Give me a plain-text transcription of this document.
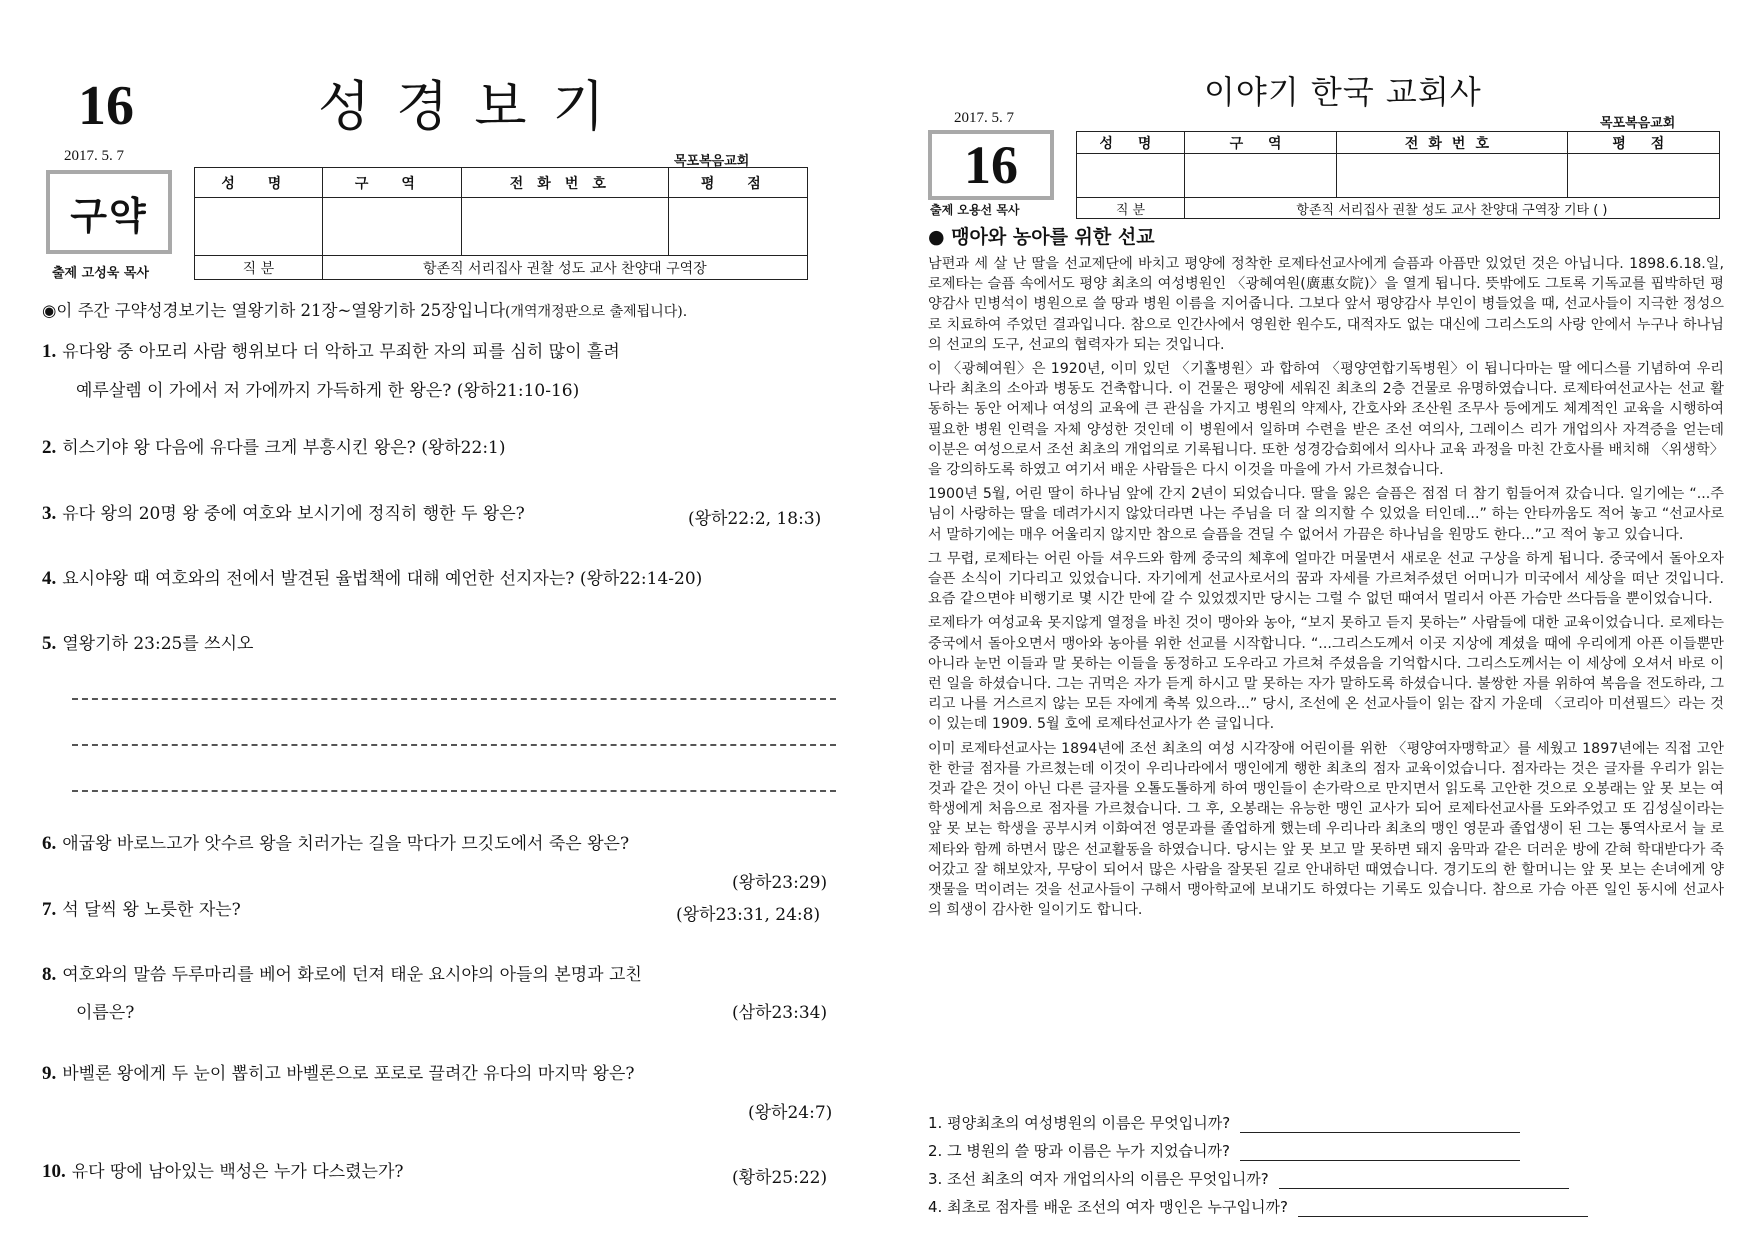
16	성경보기
2017. 5. 7	목포복음교회
구약
출제 고성욱 목사
성 명	구 역	전화번호	평 점

직 분	항존직 서리집사 권찰 성도 교사 찬양대 구역장		
◉이 주간 구약성경보기는 열왕기하 21장~열왕기하 25장입니다(개역개정판으로 출제됩니다).
1. 유다왕 중 아모리 사람 행위보다 더 악하고 무죄한 자의 피를 심히 많이 흘려
예루살렘 이 가에서 저 가에까지 가득하게 한 왕은? (왕하21:10-16)
2. 히스기야 왕 다음에 유다를 크게 부흥시킨 왕은? (왕하22:1)
3. 유다 왕의 20명 왕 중에 여호와 보시기에 정직히 행한 두 왕은?	(왕하22:2, 18:3)
4. 요시야왕 때 여호와의 전에서 발견된 율법책에 대해 예언한 선지자는? (왕하22:14-20)
5. 열왕기하 23:25를 쓰시오
6. 애굽왕 바로느고가 앗수르 왕을 치러가는 길을 막다가 므깃도에서 죽은 왕은?
(왕하23:29)
7. 석 달씩 왕 노릇한 자는?	(왕하23:31, 24:8)
8. 여호와의 말씀 두루마리를 베어 화로에 던져 태운 요시야의 아들의 본명과 고친
이름은?	(삼하23:34)
9. 바벨론 왕에게 두 눈이 뽑히고 바벨론으로 포로로 끌려간 유다의 마지막 왕은?
(왕하24:7)
10. 유다 땅에 남아있는 백성은 누가 다스렸는가?	(황하25:22)
이야기 한국 교회사
2017. 5. 7	목포복음교회
16
출제 오용선 목사
성 명	구 역	전화번호	평 점

직 분	항존직 서리집사 권찰 성도 교사 찬양대 구역장 기타 ( )		
● 맹아와 농아를 위한 선교

남편과 세 살 난 딸을 선교제단에 바치고 평양에 정착한 로제타선교사에게 슬픔과 아픔만 있었던 것은 아닙니다. 1898.6.18.일, 로제타는 슬픔 속에서도 평양 최초의 여성병원인 〈광혜여원(廣惠女院)〉을 열게 됩니다. 뜻밖에도 그토록 기독교를 핍박하던 평양감사 민병석이 병원으로 쓸 땅과 병원 이름을 지어줍니다. 그보다 앞서 평양감사 부인이 병들었을 때, 선교사들이 지극한 정성으로 치료하여 주었던 결과입니다. 참으로 인간사에서 영원한 원수도, 대적자도 없는 대신에 그리스도의 사랑 안에서 누구나 하나님의 선교의 도구, 선교의 협력자가 되는 것입니다.

이 〈광혜여원〉은 1920년, 이미 있던 〈기홀병원〉과 합하여 〈평양연합기독병원〉이 됩니다마는 딸 에디스를 기념하여 우리나라 최초의 소아과 병동도 건축합니다. 이 건물은 평양에 세워진 최초의 2층 건물로 유명하였습니다. 로제타여선교사는 선교 활동하는 동안 어제나 여성의 교육에 큰 관심을 가지고 병원의 약제사, 간호사와 조산원 조무사 등에게도 체계적인 교육을 시행하여 필요한 병원 인력을 자체 양성한 것인데 이 병원에서 일하며 수련을 받은 조선 여의사, 그레이스 리가 개업의사 자격증을 얻는데 이분은 여성으로서 조선 최초의 개업의로 기록됩니다. 또한 성경강습회에서 의사나 교육 과정을 마친 간호사를 배치해 〈위생학〉을 강의하도록 하였고 여기서 배운 사람들은 다시 이것을 마을에 가서 가르쳤습니다.

1900년 5월, 어린 딸이 하나님 앞에 간지 2년이 되었습니다. 딸을 잃은 슬픔은 점점 더 참기 힘들어져 갔습니다. 일기에는 “...주님이 사랑하는 딸을 데려가시지 않았더라면 나는 주님을 더 잘 의지할 수 있었을 터인데...” 하는 안타까움도 적어 놓고 “선교사로서 말하기에는 매우 어울리지 않지만 참으로 슬픔을 견딜 수 없어서 가끔은 하나님을 원망도 한다...”고 적어 놓고 있습니다.

그 무렵, 로제타는 어린 아들 셔우드와 함께 중국의 체후에 얼마간 머물면서 새로운 선교 구상을 하게 됩니다. 중국에서 돌아오자 슬픈 소식이 기다리고 있었습니다. 자기에게 선교사로서의 꿈과 자세를 가르쳐주셨던 어머니가 미국에서 세상을 떠난 것입니다. 요즘 같으면야 비행기로 몇 시간 만에 갈 수 있었겠지만 당시는 그럴 수 없던 때여서 멀리서 아픈 가슴만 쓰다듬을 뿐이었습니다.

로제타가 여성교육 못지않게 열정을 바친 것이 맹아와 농아, “보지 못하고 듣지 못하는” 사람들에 대한 교육이었습니다. 로제타는 중국에서 돌아오면서 맹아와 농아를 위한 선교를 시작합니다. “...그리스도께서 이곳 지상에 계셨을 때에 우리에게 아픈 이들뿐만 아니라 눈먼 이들과 말 못하는 이들을 동정하고 도우라고 가르쳐 주셨음을 기억합시다. 그리스도께서는 이 세상에 오셔서 바로 이런 일을 하셨습니다. 그는 귀먹은 자가 듣게 하시고 말 못하는 자가 말하도록 하셨습니다. 불쌍한 자를 위하여 복음을 전도하라, 그리고 나를 거스르지 않는 모든 자에게 축복 있으라...” 당시, 조선에 온 선교사들이 읽는 잡지 가운데 〈코리아 미션필드〉라는 것이 있는데 1909. 5월 호에 로제타선교사가 쓴 글입니다.

이미 로제타선교사는 1894년에 조선 최초의 여성 시각장애 어린이를 위한 〈평양여자맹학교〉를 세웠고 1897년에는 직접 고안한 한글 점자를 가르쳤는데 이것이 우리나라에서 맹인에게 행한 최초의 점자 교육이었습니다. 점자라는 것은 글자를 우리가 읽는 것과 같은 것이 아닌 다른 글자를 오톨도톨하게 하여 맹인들이 손가락으로 만지면서 읽도록 고안한 것으로 오봉래는 앞 못 보는 여학생에게 처음으로 점자를 가르쳤습니다. 그 후, 오봉래는 유능한 맹인 교사가 되어 로제타선교사를 도와주었고 또 김성실이라는 앞 못 보는 학생을 공부시켜 이화여전 영문과를 졸업하게 했는데 우리나라 최초의 맹인 영문과 졸업생이 된 그는 통역사로서 늘 로제타와 함께 하면서 많은 선교활동을 하였습니다. 당시는 앞 못 보고 말 못하면 돼지 움막과 같은 더러운 방에 갇혀 학대받다가 죽어갔고 잘 해보았자, 무당이 되어서 많은 사람을 잘못된 길로 안내하던 때였습니다. 경기도의 한 할머니는 앞 못 보는 손녀에게 양잿물을 먹이려는 것을 선교사들이 구해서 맹아학교에 보내기도 하였다는 기록도 있습니다. 참으로 가슴 아픈 일인 동시에 선교사의 희생이 감사한 일이기도 합니다.

1. 평양최초의 여성병원의 이름은 무엇입니까?
2. 그 병원의 쓸 땅과 이름은 누가 지었습니까?
3. 조선 최초의 여자 개업의사의 이름은 무엇입니까?
4. 최초로 점자를 배운 조선의 여자 맹인은 누구입니까?
